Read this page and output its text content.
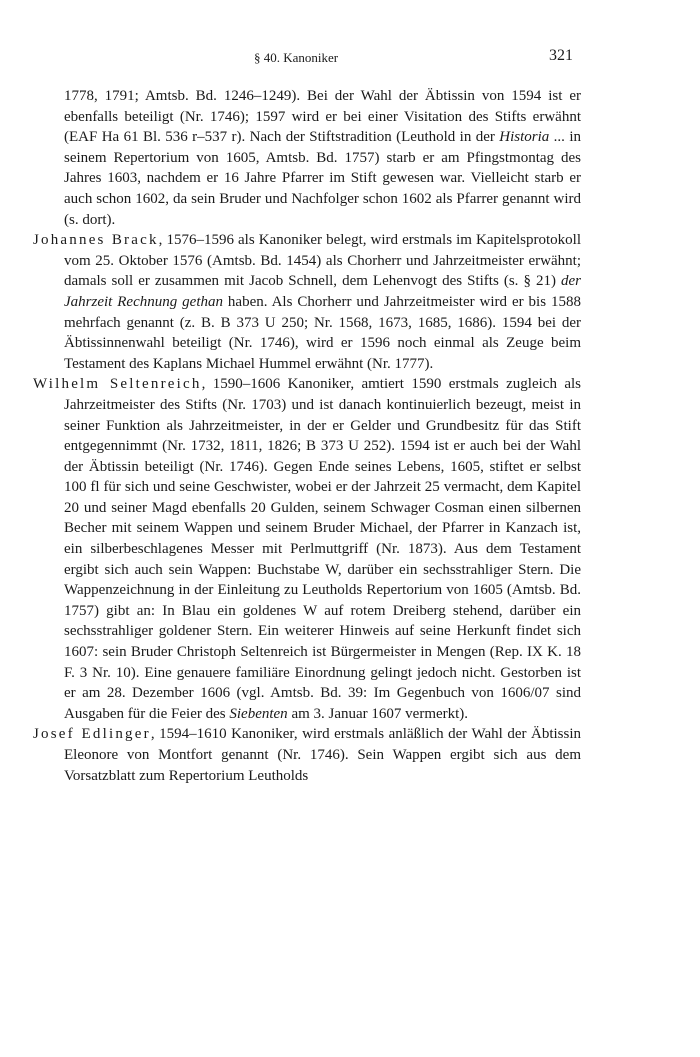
§ 40. Kanoniker	321

1778, 1791; Amtsb. Bd. 1246–1249). Bei der Wahl der Äbtissin von 1594 ist er ebenfalls beteiligt (Nr. 1746); 1597 wird er bei einer Visitation des Stifts erwähnt (EAF Ha 61 Bl. 536 r–537 r). Nach der Stiftstradition (Leuthold in der Historia ... in seinem Repertorium von 1605, Amtsb. Bd. 1757) starb er am Pfingstmontag des Jahres 1603, nachdem er 16 Jahre Pfarrer im Stift gewesen war. Vielleicht starb er auch schon 1602, da sein Bruder und Nachfolger schon 1602 als Pfarrer genannt wird (s. dort).

Johannes Brack, 1576–1596 als Kanoniker belegt, wird erstmals im Kapitelsprotokoll vom 25. Oktober 1576 (Amtsb. Bd. 1454) als Chorherr und Jahrzeitmeister erwähnt; damals soll er zusammen mit Jacob Schnell, dem Lehenvogt des Stifts (s. § 21) der Jahrzeit Rechnung gethan haben. Als Chorherr und Jahrzeitmeister wird er bis 1588 mehrfach genannt (z. B. B 373 U 250; Nr. 1568, 1673, 1685, 1686). 1594 bei der Äbtissinnenwahl beteiligt (Nr. 1746), wird er 1596 noch einmal als Zeuge beim Testament des Kaplans Michael Hummel erwähnt (Nr. 1777).

Wilhelm Seltenreich, 1590–1606 Kanoniker, amtiert 1590 erstmals zugleich als Jahrzeitmeister des Stifts (Nr. 1703) und ist danach kontinuierlich bezeugt, meist in seiner Funktion als Jahrzeitmeister, in der er Gelder und Grundbesitz für das Stift entgegennimmt (Nr. 1732, 1811, 1826; B 373 U 252). 1594 ist er auch bei der Wahl der Äbtissin beteiligt (Nr. 1746). Gegen Ende seines Lebens, 1605, stiftet er selbst 100 fl für sich und seine Geschwister, wobei er der Jahrzeit 25 vermacht, dem Kapitel 20 und seiner Magd ebenfalls 20 Gulden, seinem Schwager Cosman einen silbernen Becher mit seinem Wappen und seinem Bruder Michael, der Pfarrer in Kanzach ist, ein silberbeschlagenes Messer mit Perlmuttgriff (Nr. 1873). Aus dem Testament ergibt sich auch sein Wappen: Buchstabe W, darüber ein sechsstrahliger Stern. Die Wappenzeichnung in der Einleitung zu Leutholds Repertorium von 1605 (Amtsb. Bd. 1757) gibt an: In Blau ein goldenes W auf rotem Dreiberg stehend, darüber ein sechsstrahliger goldener Stern. Ein weiterer Hinweis auf seine Herkunft findet sich 1607: sein Bruder Christoph Seltenreich ist Bürgermeister in Mengen (Rep. IX K. 18 F. 3 Nr. 10). Eine genauere familiäre Einordnung gelingt jedoch nicht. Gestorben ist er am 28. Dezember 1606 (vgl. Amtsb. Bd. 39: Im Gegenbuch von 1606/07 sind Ausgaben für die Feier des Siebenten am 3. Januar 1607 vermerkt).

Josef Edlinger, 1594–1610 Kanoniker, wird erstmals anläßlich der Wahl der Äbtissin Eleonore von Montfort genannt (Nr. 1746). Sein Wappen ergibt sich aus dem Vorsatzblatt zum Repertorium Leutholds
